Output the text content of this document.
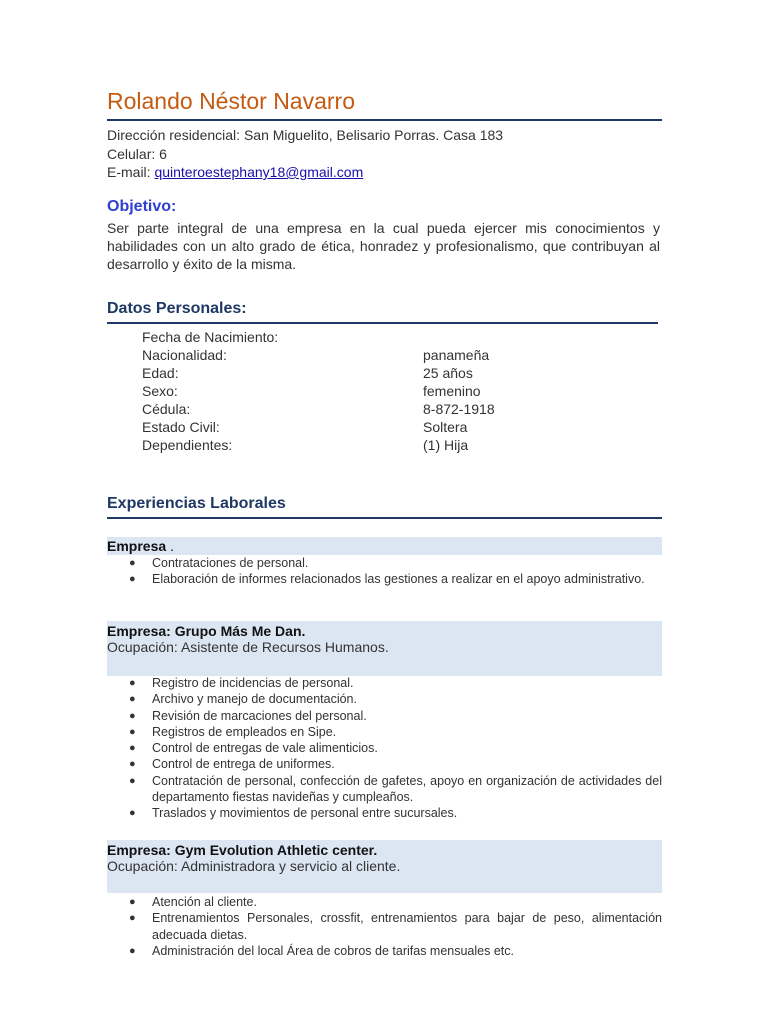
Rolando Néstor Navarro
Dirección residencial: San Miguelito, Belisario Porras. Casa 183
Celular: 6
E-mail: quinteroestephany18@gmail.com
Objetivo:
Ser parte integral de una empresa en la cual pueda ejercer mis conocimientos y habilidades con un alto grado de ética, honradez y profesionalismo, que contribuyan al desarrollo y éxito de la misma.
Datos Personales:
Fecha de Nacimiento:
Nacionalidad:	panameña
Edad:	25 años
Sexo:	femenino
Cédula:	8-872-1918
Estado Civil:	Soltera
Dependientes:	(1) Hija
Experiencias Laborales
Empresa .
● Contrataciones de personal.
● Elaboración de informes relacionados las gestiones a realizar en el apoyo administrativo.
Empresa: Grupo Más Me Dan.
Ocupación: Asistente de Recursos Humanos.
● Registro de incidencias de personal.
● Archivo y manejo de documentación.
● Revisión de marcaciones del personal.
● Registros de empleados en Sipe.
● Control de entregas de vale alimenticios.
● Control de entrega de uniformes.
● Contratación de personal, confección de gafetes, apoyo en organización de actividades del departamento fiestas navideñas y cumpleaños.
● Traslados y movimientos de personal entre sucursales.
Empresa: Gym Evolution Athletic center.
Ocupación: Administradora y servicio al cliente.
● Atención al cliente.
● Entrenamientos Personales, crossfit, entrenamientos para bajar de peso, alimentación adecuada dietas.
● Administración del local Área de cobros de tarifas mensuales etc.
